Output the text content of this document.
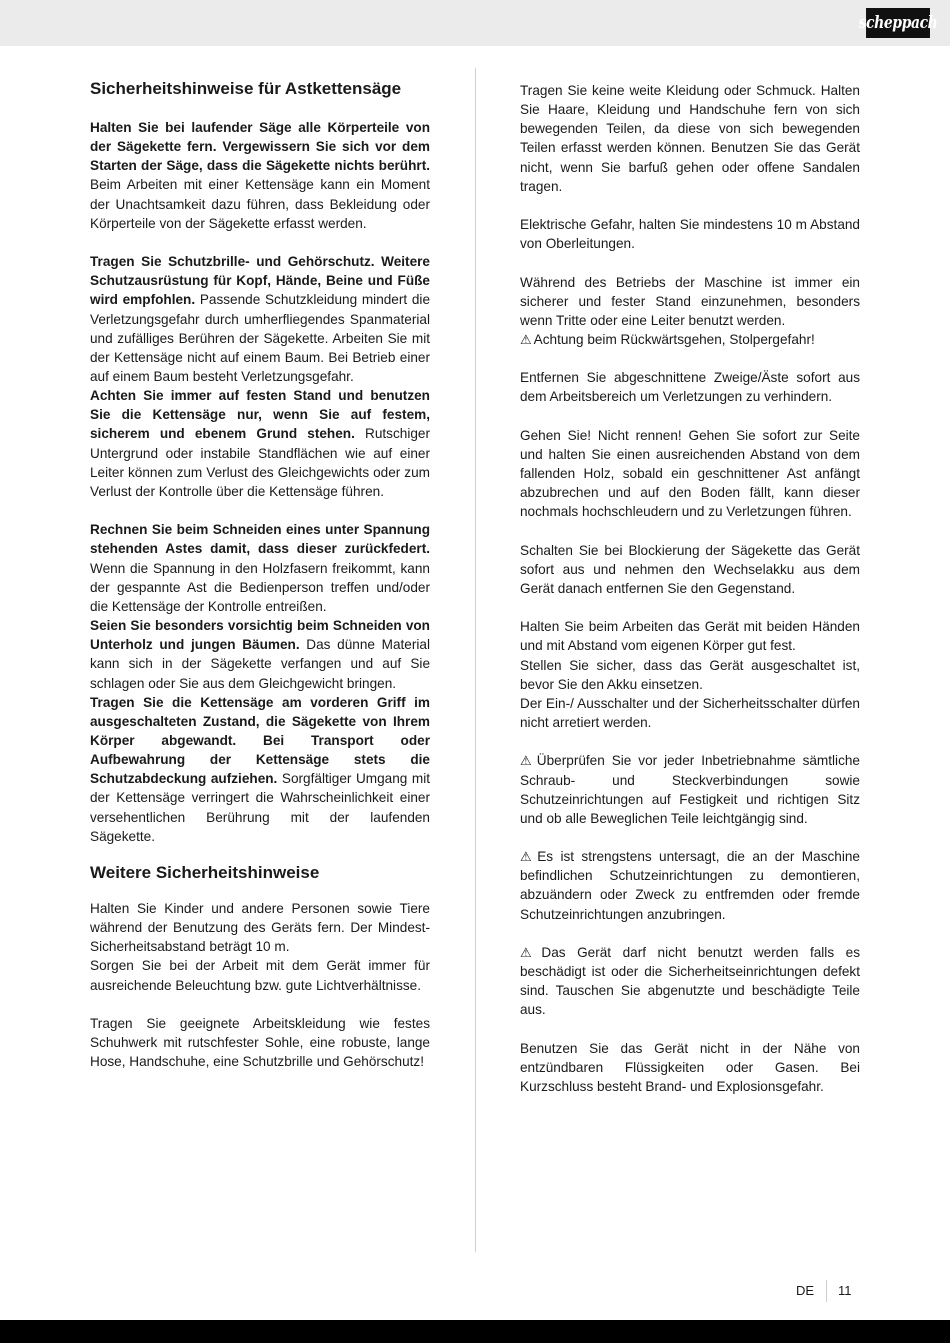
scheppach
Sicherheitshinweise für Astkettensäge

Halten Sie bei laufender Säge alle Körperteile von der Sägekette fern. Vergewissern Sie sich vor dem Starten der Säge, dass die Sägekette nichts berührt. Beim Arbeiten mit einer Kettensäge kann ein Moment der Unachtsamkeit dazu führen, dass Bekleidung oder Körperteile von der Sägekette erfasst werden.

Tragen Sie Schutzbrille- und Gehörschutz. Weitere Schutzausrüstung für Kopf, Hände, Beine und Füße wird empfohlen. Passende Schutzkleidung mindert die Verletzungsgefahr durch umherfliegendes Spanmaterial und zufälliges Berühren der Sägekette. Arbeiten Sie mit der Kettensäge nicht auf einem Baum. Bei Betrieb einer auf einem Baum besteht Verletzungsgefahr.

Achten Sie immer auf festen Stand und benutzen Sie die Kettensäge nur, wenn Sie auf festem, sicherem und ebenem Grund stehen. Rutschiger Untergrund oder instabile Standflächen wie auf einer Leiter können zum Verlust des Gleichgewichts oder zum Verlust der Kontrolle über die Kettensäge führen.

Rechnen Sie beim Schneiden eines unter Spannung stehenden Astes damit, dass dieser zurückfedert. Wenn die Spannung in den Holzfasern freikommt, kann der gespannte Ast die Bedienperson treffen und/oder die Kettensäge der Kontrolle entreißen.

Seien Sie besonders vorsichtig beim Schneiden von Unterholz und jungen Bäumen. Das dünne Material kann sich in der Sägekette verfangen und auf Sie schlagen oder Sie aus dem Gleichgewicht bringen.

Tragen Sie die Kettensäge am vorderen Griff im ausgeschalteten Zustand, die Sägekette von Ihrem Körper abgewandt. Bei Transport oder Aufbewahrung der Kettensäge stets die Schutzabdeckung aufziehen. Sorgfältiger Umgang mit der Kettensäge verringert die Wahrscheinlichkeit einer versehentlichen Berührung mit der laufenden Sägekette.

Weitere Sicherheitshinweise

Halten Sie Kinder und andere Personen sowie Tiere während der Benutzung des Geräts fern. Der Mindest-Sicherheitsabstand beträgt 10 m.

Sorgen Sie bei der Arbeit mit dem Gerät immer für ausreichende Beleuchtung bzw. gute Lichtverhältnisse.

Tragen Sie geeignete Arbeitskleidung wie festes Schuhwerk mit rutschfester Sohle, eine robuste, lange Hose, Handschuhe, eine Schutzbrille und Gehörschutz!

Tragen Sie keine weite Kleidung oder Schmuck. Halten Sie Haare, Kleidung und Handschuhe fern von sich bewegenden Teilen, da diese von sich bewegenden Teilen erfasst werden können. Benutzen Sie das Gerät nicht, wenn Sie barfuß gehen oder offene Sandalen tragen.

Elektrische Gefahr, halten Sie mindestens 10 m Abstand von Oberleitungen.

Während des Betriebs der Maschine ist immer ein sicherer und fester Stand einzunehmen, besonders wenn Tritte oder eine Leiter benutzt werden.

⚠ Achtung beim Rückwärtsgehen, Stolpergefahr!

Entfernen Sie abgeschnittene Zweige/Äste sofort aus dem Arbeitsbereich um Verletzungen zu verhindern.

Gehen Sie! Nicht rennen! Gehen Sie sofort zur Seite und halten Sie einen ausreichenden Abstand von dem fallenden Holz, sobald ein geschnittener Ast anfängt abzubrechen und auf den Boden fällt, kann dieser nochmals hochschleudern und zu Verletzungen führen.

Schalten Sie bei Blockierung der Sägekette das Gerät sofort aus und nehmen den Wechselakku aus dem Gerät danach entfernen Sie den Gegenstand.

Halten Sie beim Arbeiten das Gerät mit beiden Händen und mit Abstand vom eigenen Körper gut fest.

Stellen Sie sicher, dass das Gerät ausgeschaltet ist, bevor Sie den Akku einsetzen.

Der Ein-/ Ausschalter und der Sicherheitsschalter dürfen nicht arretiert werden.

⚠ Überprüfen Sie vor jeder Inbetriebnahme sämtliche Schraub- und Steckverbindungen sowie Schutzeinrichtungen auf Festigkeit und richtigen Sitz und ob alle Beweglichen Teile leichtgängig sind.

⚠ Es ist strengstens untersagt, die an der Maschine befindlichen Schutzeinrichtungen zu demontieren, abzuändern oder Zweck zu entfremden oder fremde Schutzeinrichtungen anzubringen.

⚠ Das Gerät darf nicht benutzt werden falls es beschädigt ist oder die Sicherheitseinrichtungen defekt sind. Tauschen Sie abgenutzte und beschädigte Teile aus.

Benutzen Sie das Gerät nicht in der Nähe von entzündbaren Flüssigkeiten oder Gasen. Bei Kurzschluss besteht Brand- und Explosionsgefahr.

DE 11
